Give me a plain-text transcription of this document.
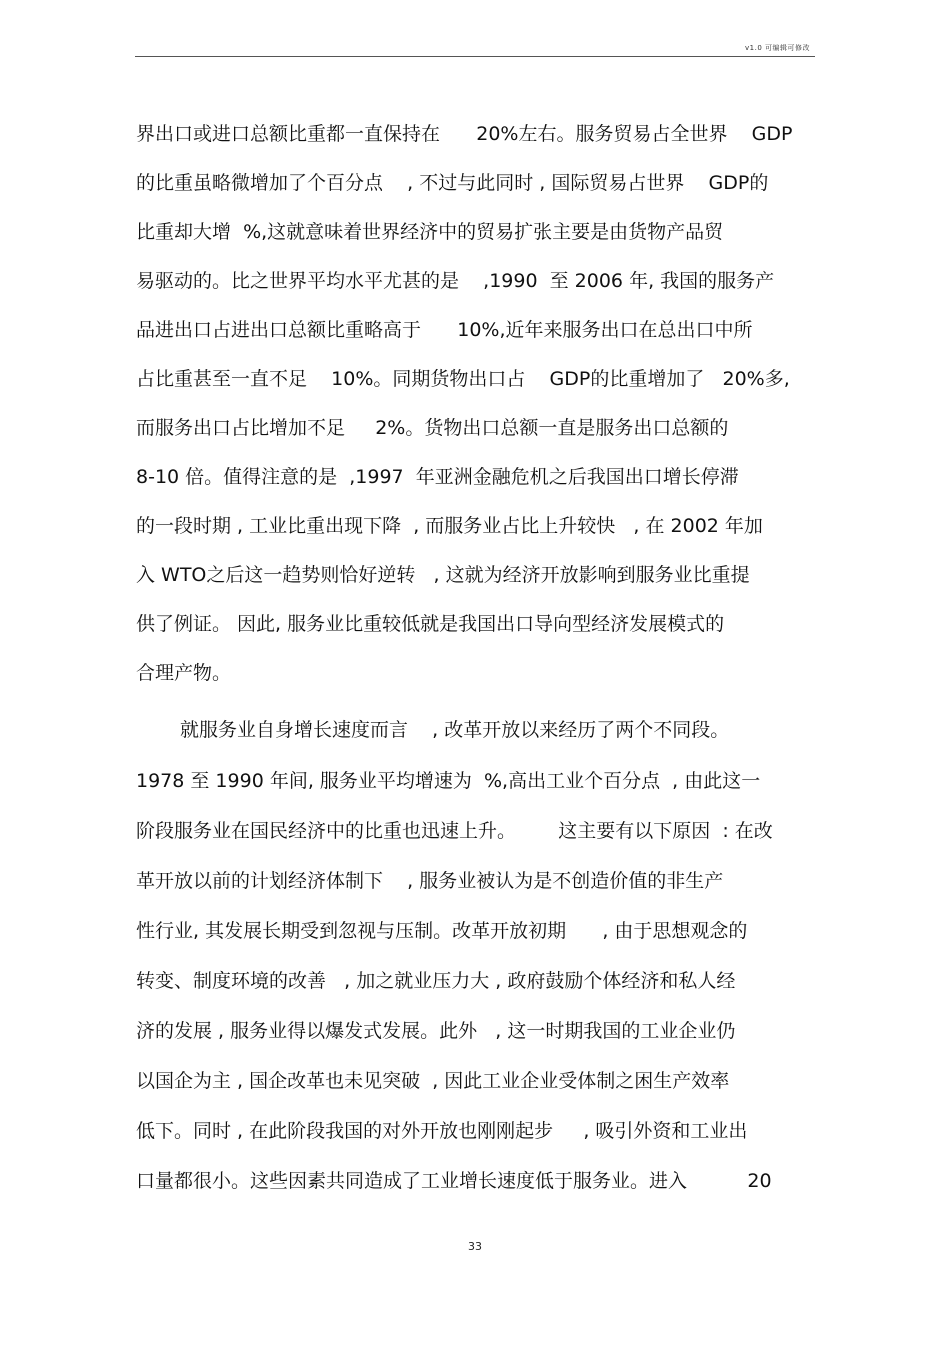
v1.0 可编辑可修改
界出口或进口总额比重都一直保持在      20%左右。服务贸易占全世界    GDP
的比重虽略微增加了个百分点    , 不过与此同时 , 国际贸易占世界    GDP的
比重却大增  %,这就意味着世界经济中的贸易扩张主要是由货物产品贸
易驱动的。比之世界平均水平尤甚的是    ,1990  至 2006 年, 我国的服务产
品进出口占进出口总额比重略高于      10%,近年来服务出口在总出口中所
占比重甚至一直不足    10%。同期货物出口占    GDP的比重增加了   20%多,
而服务出口占比增加不足     2%。货物出口总额一直是服务出口总额的
8-10 倍。值得注意的是  ,1997  年亚洲金融危机之后我国出口增长停滞
的一段时期 , 工业比重出现下降  , 而服务业占比上升较快   , 在 2002 年加
入 WTO之后这一趋势则恰好逆转   , 这就为经济开放影响到服务业比重提
供了例证。 因此, 服务业比重较低就是我国出口导向型经济发展模式的
合理产物。
就服务业自身增长速度而言    , 改革开放以来经历了两个不同段。
1978 至 1990 年间, 服务业平均增速为  %,高出工业个百分点  , 由此这一
阶段服务业在国民经济中的比重也迅速上升。       这主要有以下原因  : 在改
革开放以前的计划经济体制下    , 服务业被认为是不创造价值的非生产
性行业, 其发展长期受到忽视与压制。改革开放初期      , 由于思想观念的
转变、制度环境的改善   , 加之就业压力大 , 政府鼓励个体经济和私人经
济的发展 , 服务业得以爆发式发展。此外   , 这一时期我国的工业企业仍
以国企为主 , 国企改革也未见突破  , 因此工业企业受体制之困生产效率
低下。同时 , 在此阶段我国的对外开放也刚刚起步     , 吸引外资和工业出
口量都很小。这些因素共同造成了工业增长速度低于服务业。进入          20
33
